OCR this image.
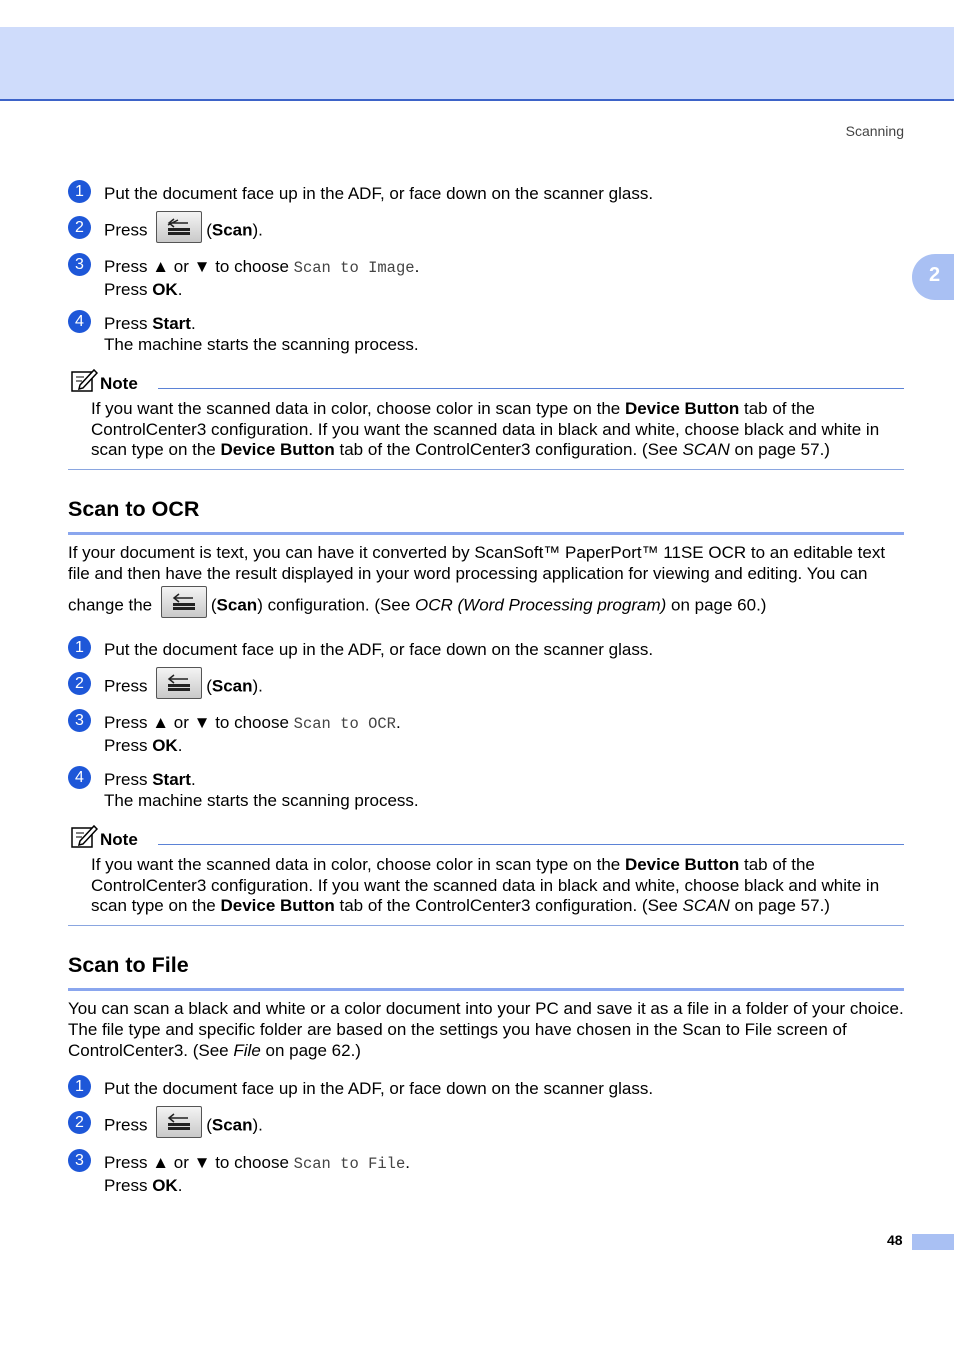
Scanning
2
1	Put the document face up in the ADF, or face down on the scanner glass.
2	Press	(Scan).
3	Press ▲ or ▼ to choose Scan to Image.
Press OK.
4	Press Start.
The machine starts the scanning process.
Note
If you want the scanned data in color, choose color in scan type on the Device Button tab of the ControlCenter3 configuration. If you want the scanned data in black and white, choose black and white in scan type on the Device Button tab of the ControlCenter3 configuration. (See SCAN on page 57.)
Scan to OCR
If your document is text, you can have it converted by ScanSoft™ PaperPort™ 11SE OCR to an editable text
file and then have the result displayed in your word processing application for viewing and editing. You can
change the	(Scan) configuration. (See OCR (Word Processing program) on page 60.)
1	Put the document face up in the ADF, or face down on the scanner glass.
2	Press	(Scan).
3	Press ▲ or ▼ to choose Scan to OCR.
Press OK.
4	Press Start.
The machine starts the scanning process.
Note
If you want the scanned data in color, choose color in scan type on the Device Button tab of the ControlCenter3 configuration. If you want the scanned data in black and white, choose black and white in scan type on the Device Button tab of the ControlCenter3 configuration. (See SCAN on page 57.)
Scan to File
You can scan a black and white or a color document into your PC and save it as a file in a folder of your choice. The file type and specific folder are based on the settings you have chosen in the Scan to File screen of ControlCenter3. (See File on page 62.)
1	Put the document face up in the ADF, or face down on the scanner glass.
2	Press	(Scan).
3	Press ▲ or ▼ to choose Scan to File.
Press OK.
48
